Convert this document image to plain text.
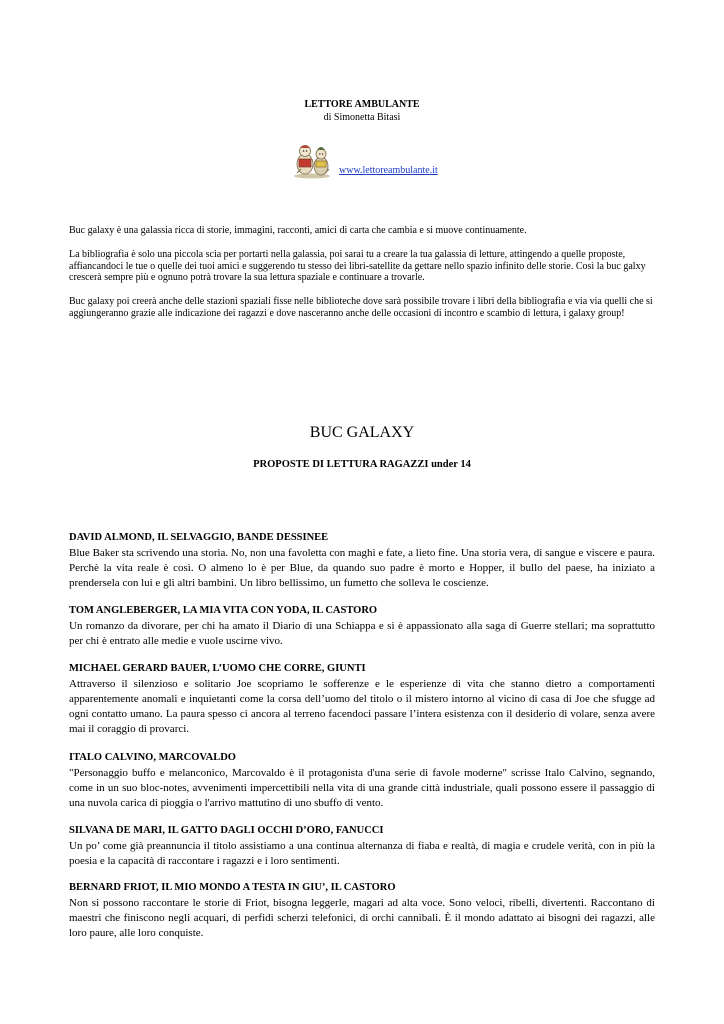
LETTORE AMBULANTE
di Simonetta Bitasi
www.lettoreambulante.it

Buc galaxy è una galassia ricca di storie, immagini, racconti, amici di carta che cambia e si muove continuamente.

La bibliografia è solo una piccola scia per portarti nella galassia, poi sarai tu a creare la tua galassia di letture, attingendo a quelle proposte, affiancandoci le tue o quelle dei tuoi amici e suggerendo tu stesso dei libri-satellite da gettare nello spazio infinito delle storie. Così la buc galxy crescerà sempre più e ognuno potrà trovare la sua lettura spaziale e continuare a trovarle.

Buc galaxy poi creerà anche delle stazioni spaziali fisse nelle biblioteche dove sarà possibile trovare i libri della bibliografia e via via quelli che si aggiungeranno grazie alle indicazione dei ragazzi e dove nasceranno anche delle occasioni di incontro e scambio di lettura, i galaxy group!

BUC GALAXY
PROPOSTE DI LETTURA RAGAZZI under 14
DAVID ALMOND, IL SELVAGGIO, BANDE DESSINEE

Blue Baker sta scrivendo una storia. No, non una favoletta con maghi e fate, a lieto fine. Una storia vera, di sangue e viscere e paura. Perchè la vita reale è così. O almeno lo è per Blue, da quando suo padre è morto e Hopper, il bullo del paese, ha iniziato a prendersela con lui e gli altri bambini. Un libro bellissimo, un fumetto che solleva le coscienze.

TOM ANGLEBERGER, LA MIA VITA CON YODA, IL CASTORO

Un romanzo da divorare, per chi ha amato il Diario di una Schiappa e si è appassionato alla saga di Guerre stellari; ma soprattutto per chi è entrato alle medie e vuole uscirne vivo.

MICHAEL GERARD BAUER, L’UOMO CHE CORRE, GIUNTI

Attraverso il silenzioso e solitario Joe scopriamo le sofferenze e le esperienze di vita che stanno dietro a comportamenti apparentemente anomali e inquietanti come la corsa dell’uomo del titolo o il mistero intorno al vicino di casa di Joe che sfugge ad ogni contatto umano. La paura spesso ci ancora al terreno facendoci passare l’intera esistenza con il desiderio di volare, senza avere mai il coraggio di provarci.

ITALO CALVINO, MARCOVALDO

"Personaggio buffo e melanconico, Marcovaldo è il protagonista d'una serie di favole moderne" scrisse Italo Calvino, segnando, come in un suo bloc-notes, avvenimenti impercettibili nella vita di una grande città industriale, quali possono essere il passaggio di una nuvola carica di pioggia o l'arrivo mattutino di uno sbuffo di vento.

SILVANA DE MARI, IL GATTO DAGLI OCCHI D’ORO, FANUCCI

Un po’ come già preannuncia il titolo assistiamo a una continua alternanza di fiaba e realtà, di magia e crudele verità, con in più la poesia e la capacità di raccontare i ragazzi e i loro sentimenti.

BERNARD FRIOT, IL MIO MONDO A TESTA IN GIU’, IL CASTORO

Non si possono raccontare le storie di Friot, bisogna leggerle, magari ad alta voce. Sono veloci, ribelli, divertenti. Raccontano di maestri che finiscono negli acquari, di perfidi scherzi telefonici, di orchi cannibali. È il mondo adattato ai bisogni dei ragazzi, alle loro paure, alle loro conquiste.
